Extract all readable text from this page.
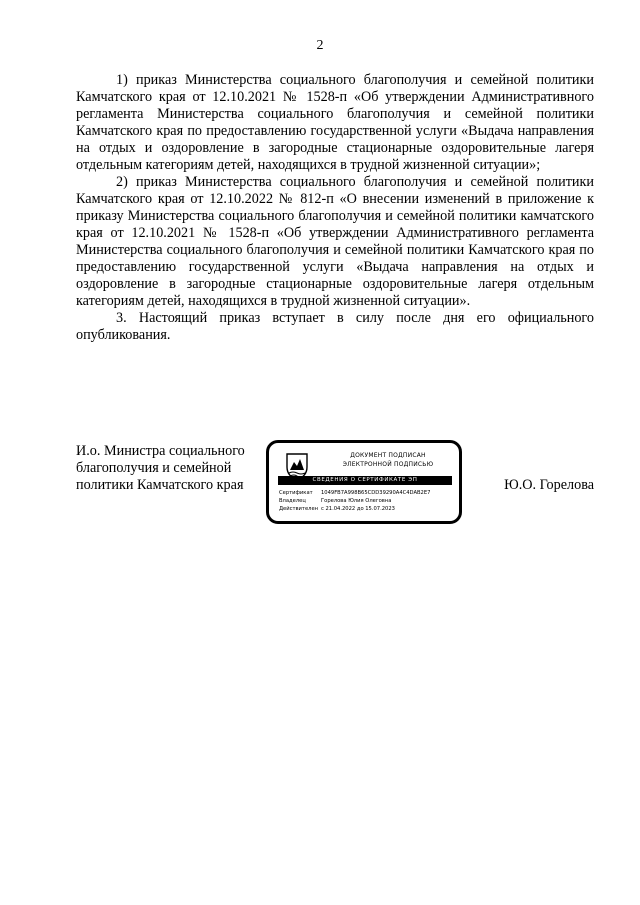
2

1) приказ Министерства социального благополучия и семейной политики Камчатского края от 12.10.2021 № 1528-п «Об утверждении Административного регламента Министерства социального благополучия и семейной политики Камчатского края по предоставлению государственной услуги «Выдача направления на отдых и оздоровление в загородные стационарные оздоровительные лагеря отдельным категориям детей, находящихся в трудной жизненной ситуации»;

2) приказ Министерства социального благополучия и семейной политики Камчатского края от 12.10.2022 № 812-п «О внесении изменений в приложение к приказу Министерства социального благополучия и семейной политики камчатского края от 12.10.2021 № 1528-п «Об утверждении Административного регламента Министерства социального благополучия и семейной политики Камчатского края по предоставлению государственной услуги «Выдача направления на отдых и оздоровление в загородные стационарные оздоровительные лагеря отдельным категориям детей, находящихся в трудной жизненной ситуации».

3. Настоящий приказ вступает в силу после дня его официального опубликования.

И.о. Министра социального
благополучия и семейной
политики Камчатского края
ДОКУМЕНТ ПОДПИСАН
ЭЛЕКТРОННОЙ ПОДПИСЬЮ
СВЕДЕНИЯ О СЕРТИФИКАТЕ ЭП
Сертификат	1049FB7A998B65CDD39290A4C4DAB2E7
Владелец	Горелова Юлия Олеговна
Действителен с 21.04.2022 до 15.07.2023
Ю.О. Горелова
